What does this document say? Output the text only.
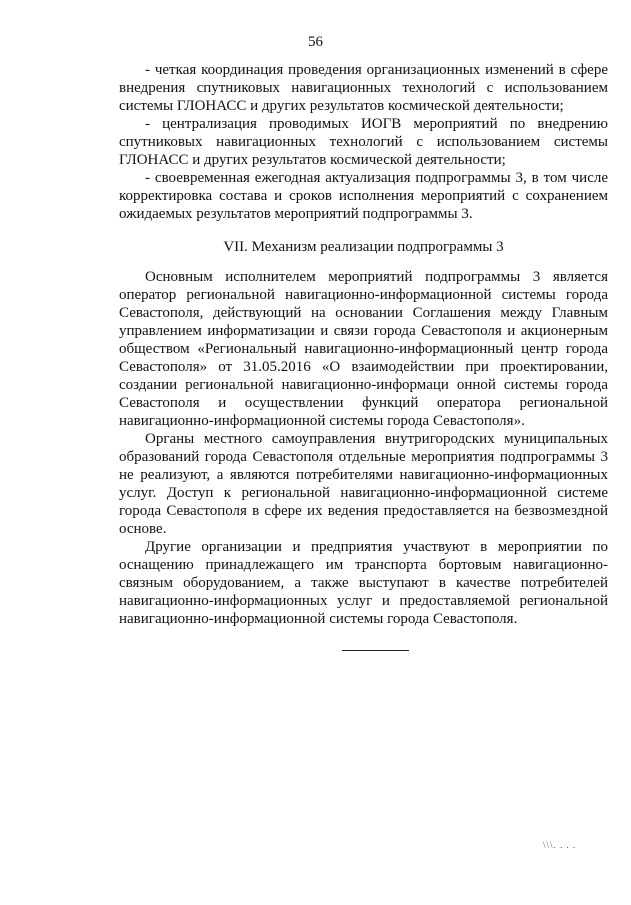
56

- четкая координация проведения организационных изменений в сфере внедрения спутниковых навигационных технологий с использованием системы ГЛОНАСС и других результатов космической деятельности;

- централизация проводимых ИОГВ мероприятий по внедрению спутниковых навигационных технологий с использованием системы ГЛОНАСС и других результатов космической деятельности;

- своевременная ежегодная актуализация подпрограммы 3, в том числе корректировка состава и сроков исполнения мероприятий с сохранением ожидаемых результатов мероприятий подпрограммы 3.

VII. Механизм реализации подпрограммы 3

Основным исполнителем мероприятий подпрограммы 3 является оператор региональной навигационно-информационной системы города Севастополя, действующий на основании Соглашения между Главным управлением информатизации и связи города Севастополя и акционерным обществом «Региональный навигационно-информационный центр города Севастополя» от 31.05.2016 «О взаимодействии при проектировании, создании региональной навигационно-информаци онной системы города Севастополя и осуществлении функций оператора региональной навигационно-информационной системы города Севастополя».

Органы местного самоуправления внутригородских муниципальных образований города Севастополя отдельные мероприятия подпрограммы 3 не реализуют, а являются потребителями навигационно-информационных услуг. Доступ к региональной навигационно-информационной системе города Севастополя в сфере их ведения предоставляется на безвозмездной основе.

Другие организации и предприятия участвуют в мероприятии по оснащению принадлежащего им транспорта бортовым навигационно-связным оборудованием, а также выступают в качестве потребителей навигационно-информационных услуг и предоставляемой региональной навигационно-информационной системы города Севастополя.

\\\. . . .
